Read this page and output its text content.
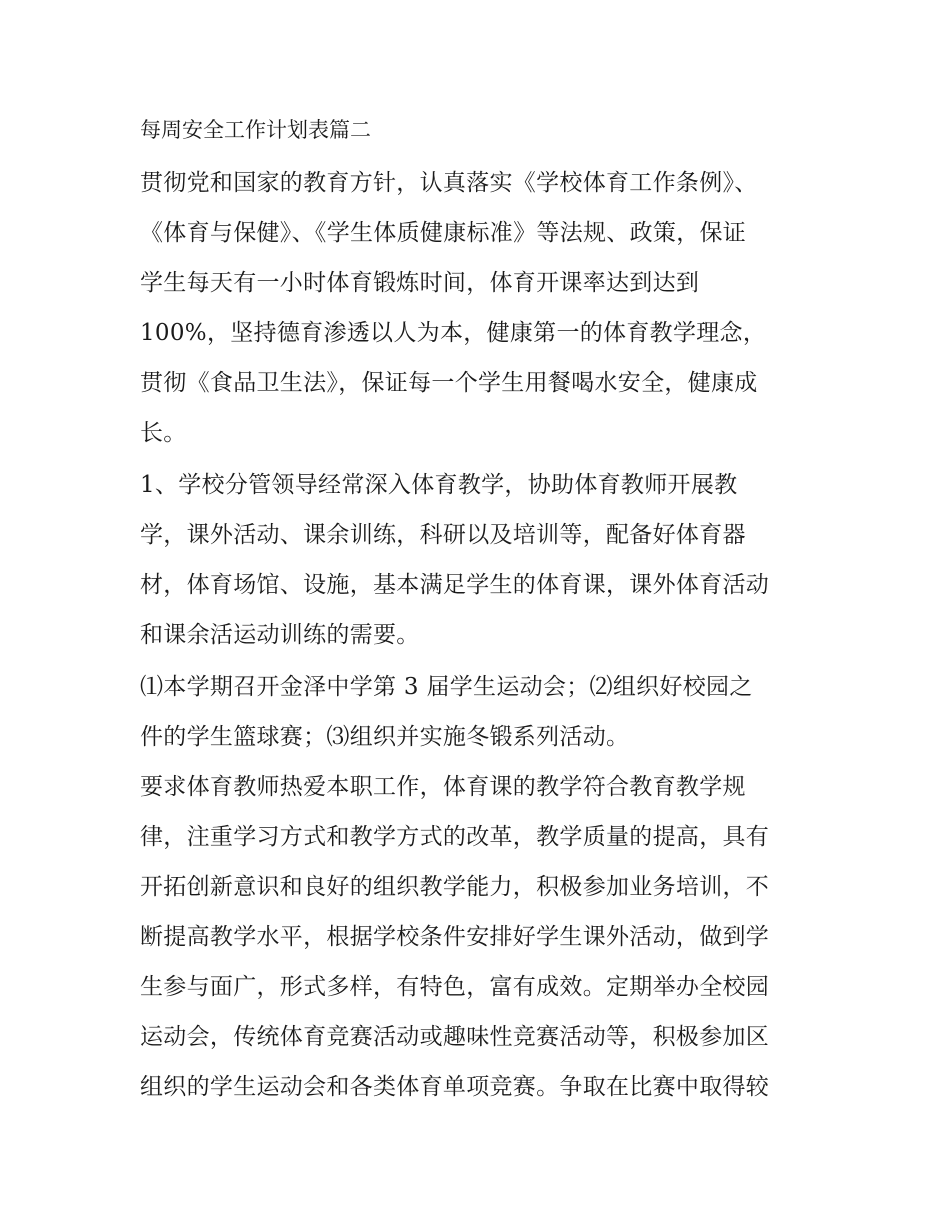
每周安全工作计划表篇二
贯彻党和国家的教育方针，认真落实《学校体育工作条例》、
《体育与保健》、《学生体质健康标准》等法规、政策，保证
学生每天有一小时体育锻炼时间，体育开课率达到达到
100%，坚持德育渗透以人为本，健康第一的体育教学理念，
贯彻《食品卫生法》，保证每一个学生用餐喝水安全，健康成
长。
1、学校分管领导经常深入体育教学，协助体育教师开展教
学，课外活动、课余训练，科研以及培训等，配备好体育器
材，体育场馆、设施，基本满足学生的体育课，课外体育活动
和课余活运动训练的需要。
⑴本学期召开金泽中学第 3 届学生运动会；⑵组织好校园之
件的学生篮球赛；⑶组织并实施冬锻系列活动。
要求体育教师热爱本职工作，体育课的教学符合教育教学规
律，注重学习方式和教学方式的改革，教学质量的提高，具有
开拓创新意识和良好的组织教学能力，积极参加业务培训，不
断提高教学水平，根据学校条件安排好学生课外活动，做到学
生参与面广，形式多样，有特色，富有成效。定期举办全校园
运动会，传统体育竞赛活动或趣味性竞赛活动等，积极参加区
组织的学生运动会和各类体育单项竞赛。争取在比赛中取得较
